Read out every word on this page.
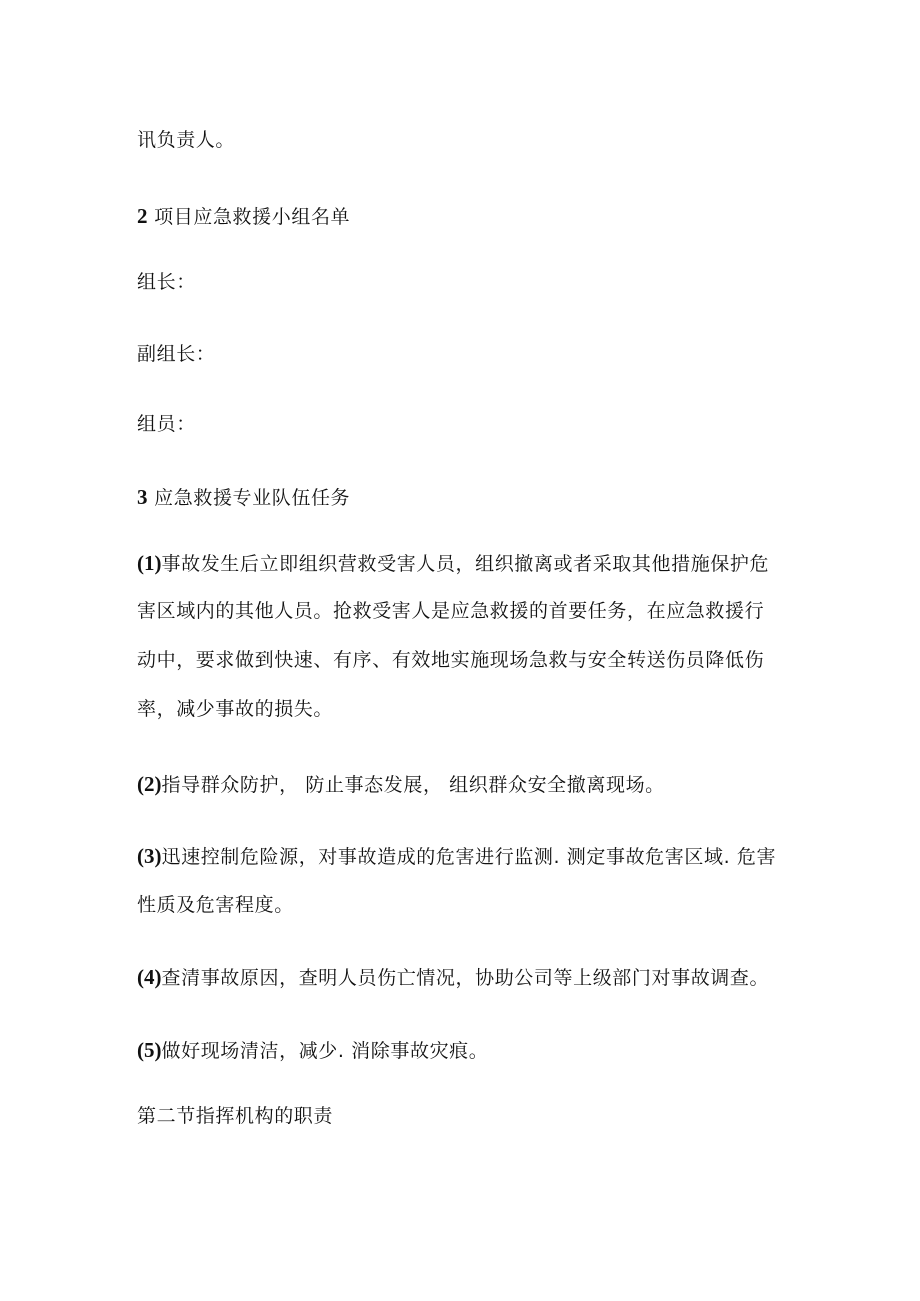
讯负责人。
2 项目应急救援小组名单
组长：
副组长：
组员：
3 应急救援专业队伍任务
(1)事故发生后立即组织营救受害人员，组织撤离或者采取其他措施保护危
害区域内的其他人员。抢救受害人是应急救援的首要任务，在应急救援行
动中，要求做到快速、有序、有效地实施现场急救与安全转送伤员降低伤
率，减少事故的损失。
(2)指导群众防护， 防止事态发展， 组织群众安全撤离现场。
(3)迅速控制危险源，对事故造成的危害进行监测. 测定事故危害区域. 危害
性质及危害程度。
(4)查清事故原因，查明人员伤亡情况，协助公司等上级部门对事故调查。
(5)做好现场清洁，减少. 消除事故灾痕。
第二节指挥机构的职责
